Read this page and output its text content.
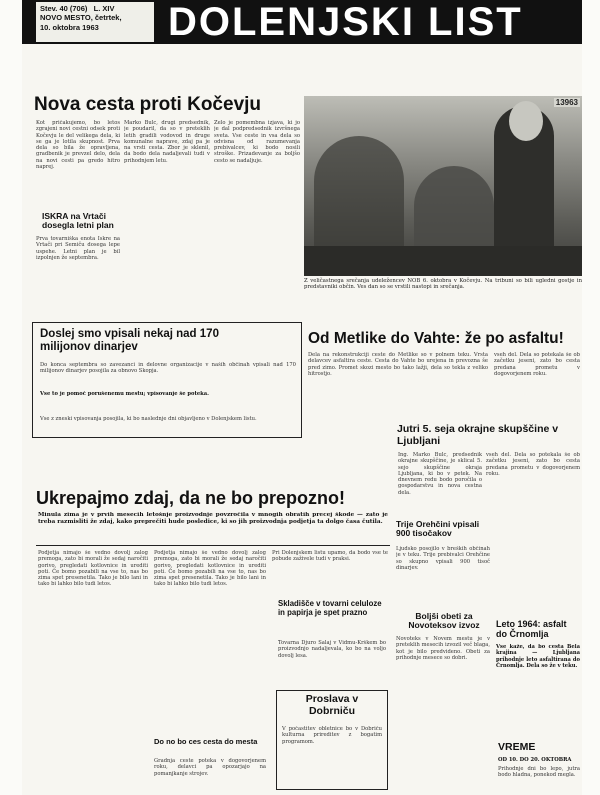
Stev. 40 (706) L. XIV
NOVO MESTO, četrtek,
10. oktobra 1963	DOLENJSKI LIST
Nova cesta proti Kočevju
Kot pričakujemo, bo letos zgrajeni novi cestni odsek proti Kočevju le del velikega dela, ki se ga je lotila skupnost. Prva dela so bila že opravljena, gradbenik je prevzel delo, dela na novi cesti pa gredo hitro naprej.
Marko Bulc, drugi predsednik, je poudaril, da so v preteklih letih gradili vodovod in druge komunalne naprave, zdaj pa je na vrsti cesta. Zbor je sklenil, da bodo dela nadaljevali tudi v prihodnjem letu.
Zelo je pomembna izjava, ki jo je dal podpredsednik izvršnega sveta. Vse ceste in vsa dela so odvisna od razumevanja prebivalcev, ki bodo nosili stroške. Prizadevanje za boljšo cesto se nadaljuje.
ISKRA na Vrtači dosegla letni plan
Prva tovarniška enota Iskre na Vrtači pri Semiču dosega lepe uspehe. Letni plan je bil izpolnjen že septembra.
Doslej smo vpisali nekaj nad 170 milijonov dinarjev
Do konca septembra so zavezanci in delovne organizacije v naših občinah vpisali nad 170 milijonov dinarjev posojila za obnovo Skopja.
Vse to je pomoč porušenemu mestu; vpisovanje še poteka.
Vse z zneski vpisovanja posojila, ki bo naslednje dni objavljeno v Dolenjskem listu.
13963
Z veličastnega srečanja udeležencev NOB 6. oktobra v Kočevju. Na tribuni so bili ugledni gostje in predstavniki občin. Ves dan so se vrstili nastopi in srečanja.
Od Metlike do Vahte: že po asfaltu!
Dela na rekonstrukciji ceste do Metlike so v polnem teku. Vrsta delavcev asfaltira ceste. Cesta do Vahte bo urejena in prevozna še pred zimo. Promet skozi mesto bo tako lažji, dela so tekla z veliko hitrostjo.
vseh del. Dela so potekala še ob začetku jeseni, zato bo cesta predana prometu v dogovorjenem roku.
Jutri 5. seja okrajne skupščine v Ljubljani
Ing. Marko Bulc, predsednik okrajne skupščine, je sklical 5. sejo skupščine okraja Ljubljana, ki bo v petek. Na dnevnem redu bodo poročila o gospodarstvu in nova cestna dela.
vseh del. Dela so potekala še ob začetku jeseni, zato bo cesta predana prometu v dogovorjenem roku.
Ukrepajmo zdaj, da ne bo prepozno!
Minula zima je v prvih mesecih letošnje proizvodnje povzročila v mnogih obratih precej škode — zato je treba razmisliti že zdaj, kako preprečiti hude posledice, ki so jih proizvodnja podjetja ta dolgo časa čutila.
Podjetja nimajo še vedno dovolj zalog premoga, zato bi morali že sedaj naročiti gorivo, pregledati kotlovnice in urediti poti. Če bomo pozabili na vse to, nas bo zima spet presenetila. Tako je bilo lani in tako bi lahko bilo tudi letos.
Podjetja nimajo še vedno dovolj zalog premoga, zato bi morali že sedaj naročiti gorivo, pregledati kotlovnice in urediti poti. Če bomo pozabili na vse to, nas bo zima spet presenetila. Tako je bilo lani in tako bi lahko bilo tudi letos.
Do no bo ces cesta do mesta
Gradnja ceste poteka v dogovorjenem roku, delavci pa opozarjajo na pomanjkanje strojev.
Pri Dolenjskem listu upamo, da bodo vse te pobude zaživele tudi v praksi.
Skladišče v tovarni celuloze in papirja je spet prazno
Tovarna Djuro Salaj v Vidmu-Krškem bo proizvodnjo nadaljevala, ko bo na voljo dovolj lesa.
Proslava v Dobrniču
V počastitev obletnice bo v Dobriču kulturna prireditev z bogatim programom.
Trije Orehčini vpisali 900 tisočakov
Ljudsko posojilo v breških občinah je v teku. Trije prebivalci Orehčine so skupno vpisali 900 tisoč dinarjev.
Boljši obeti za Novoteksov izvoz
Novoteks v Novem mestu je v preteklih mesecih izvozil več blaga, kot je bilo predvideno. Obeti za prihodnje mesece so dobri.
Leto 1964: asfalt do Črnomlja
Vse kaže, da bo cesta Bela krajina — Ljubljana prihodnje leto asfaltirana do Črnomlja. Dela so že v teku.
VREME
OD 10. DO 20. OKTOBRA
Prihodnje dni bo lepo, jutra bodo hladna, ponekod megla.
